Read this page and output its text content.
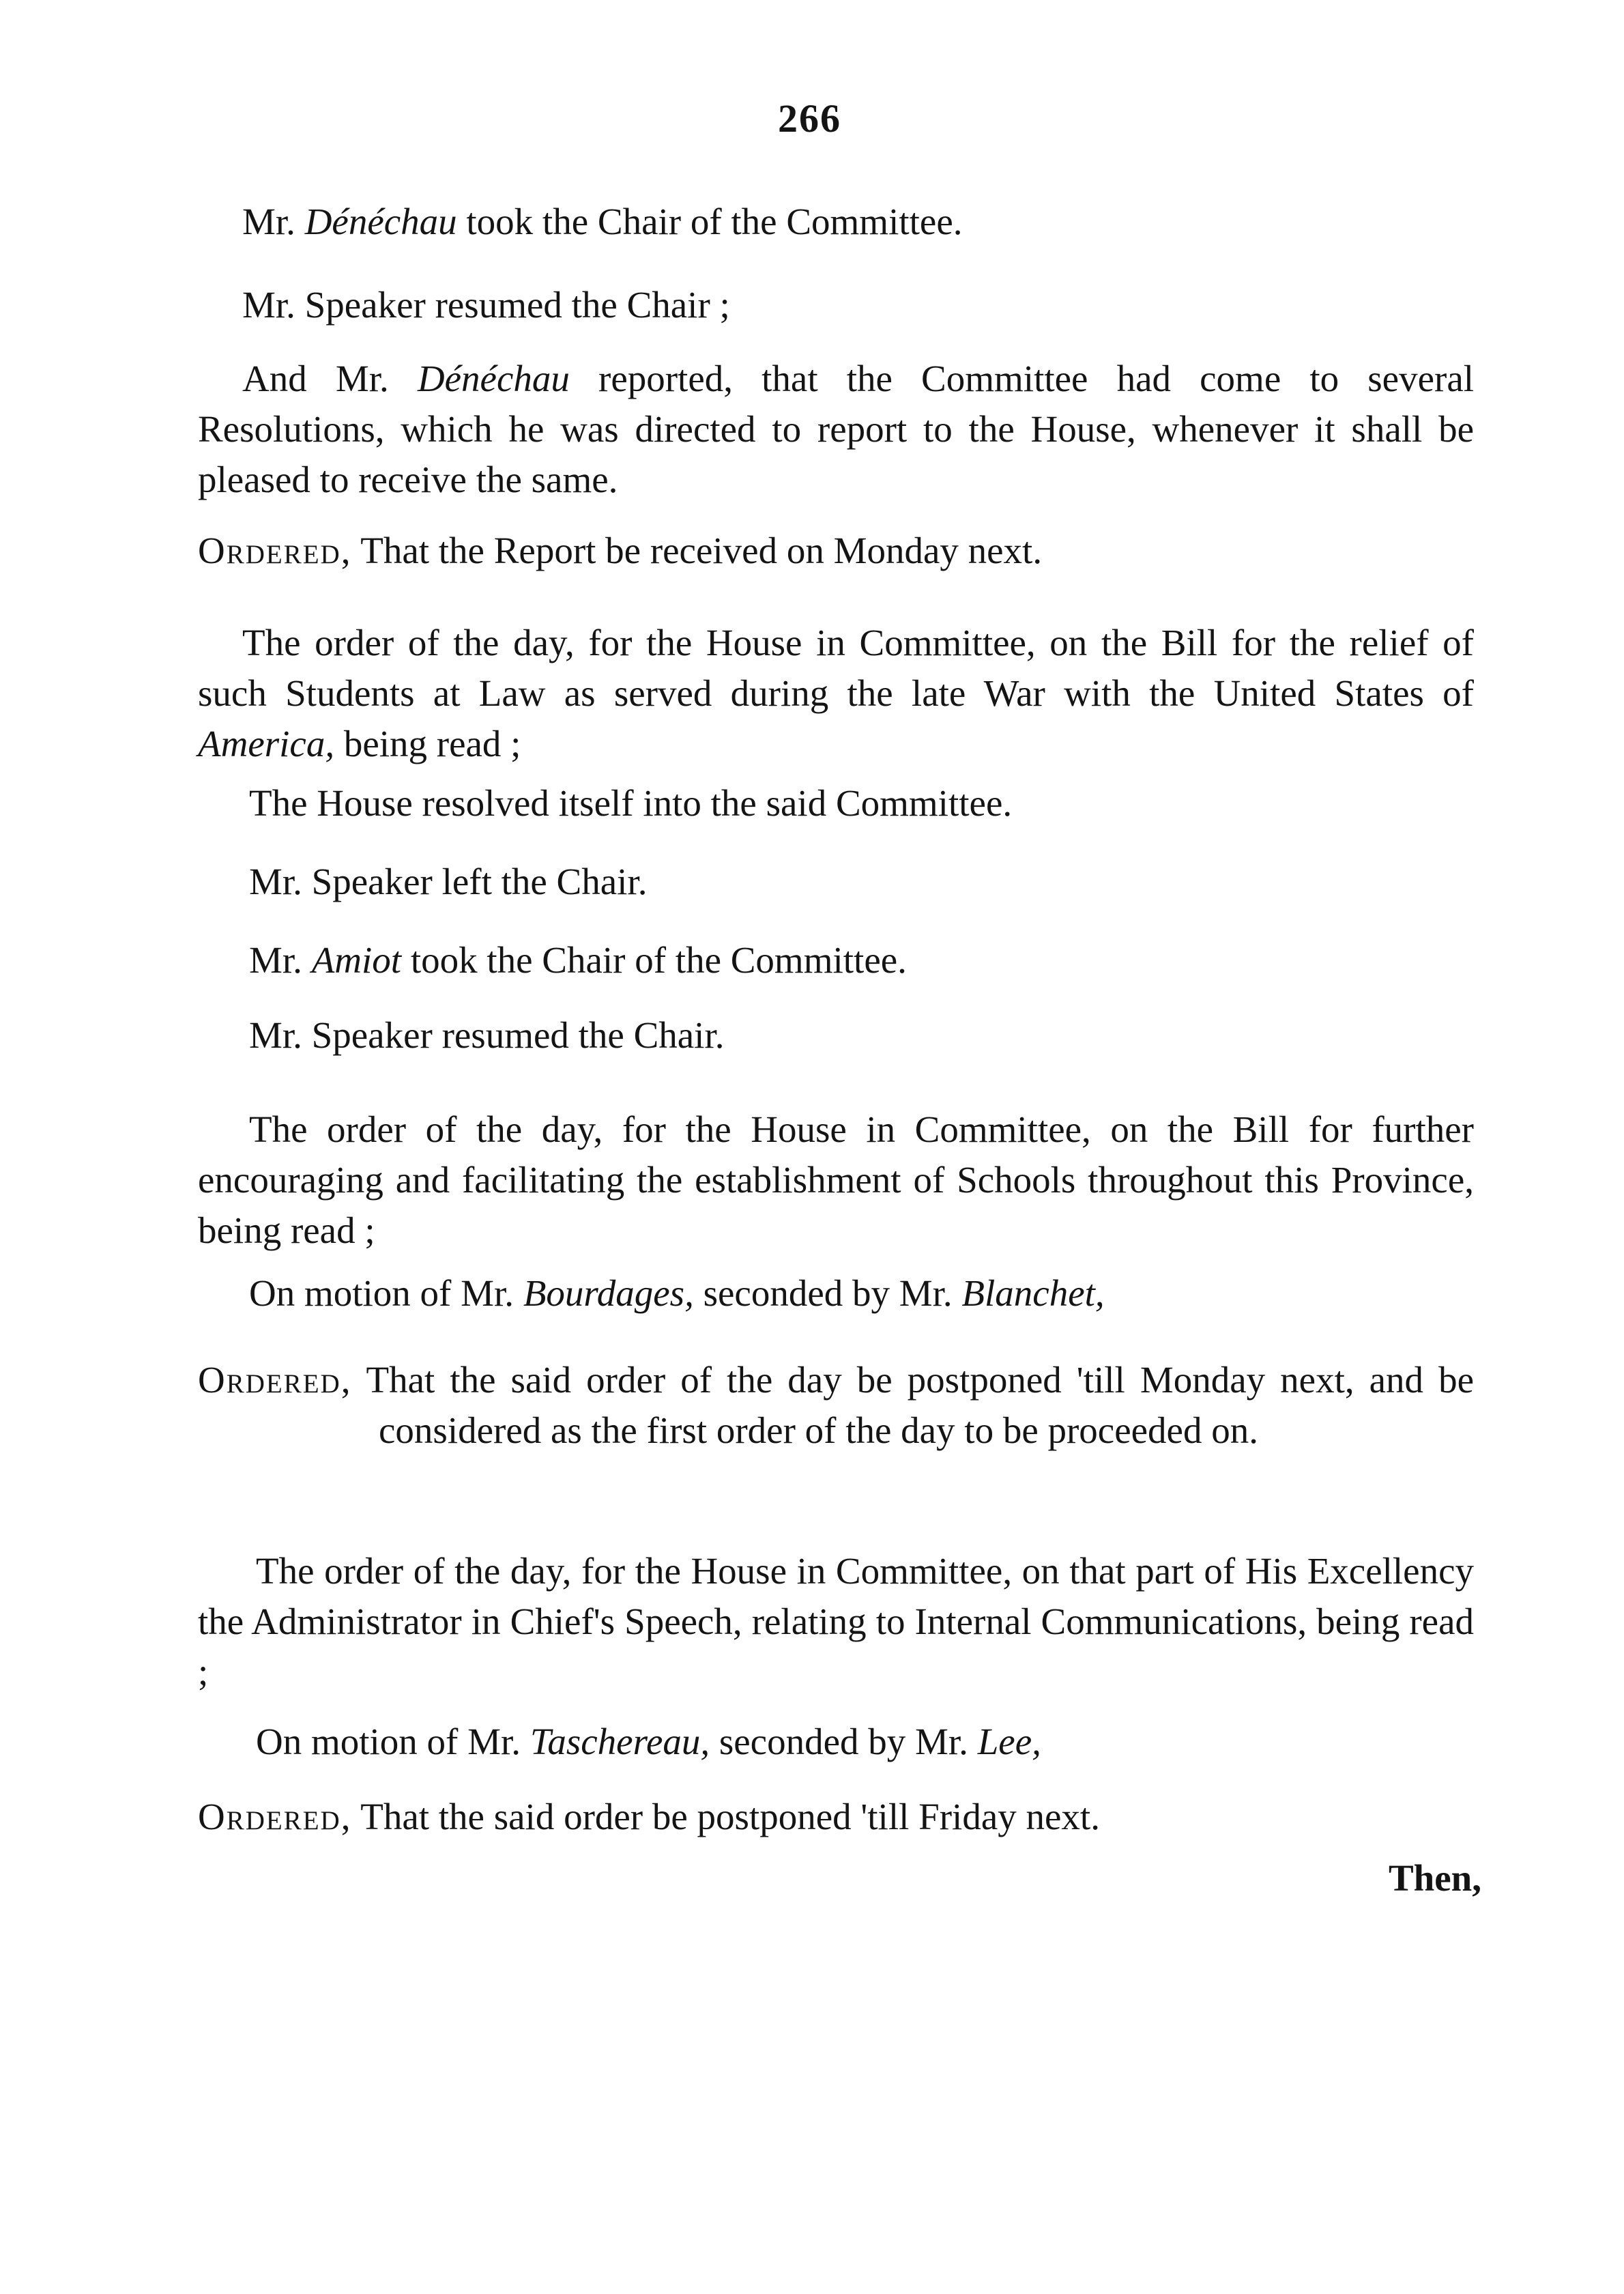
266
Mr. Dénéchau took the Chair of the Committee.
Mr. Speaker resumed the Chair ;
And Mr. Dénéchau reported, that the Committee had come to several Resolutions, which he was directed to report to the House, whenever it shall be pleased to receive the same.
Ordered, That the Report be received on Monday next.
The order of the day, for the House in Committee, on the Bill for the relief of such Students at Law as served during the late War with the United States of America, being read ;
The House resolved itself into the said Committee.
Mr. Speaker left the Chair.
Mr. Amiot took the Chair of the Committee.
Mr. Speaker resumed the Chair.
The order of the day, for the House in Committee, on the Bill for further encouraging and facilitating the establishment of Schools throughout this Province, being read ;
On motion of Mr. Bourdages, seconded by Mr. Blanchet,
Ordered, That the said order of the day be postponed 'till Monday next, and be considered as the first order of the day to be proceeded on.
The order of the day, for the House in Committee, on that part of His Excellency the Administrator in Chief's Speech, relating to Internal Communications, being read ;
On motion of Mr. Taschereau, seconded by Mr. Lee,
Ordered, That the said order be postponed 'till Friday next.
Then,
